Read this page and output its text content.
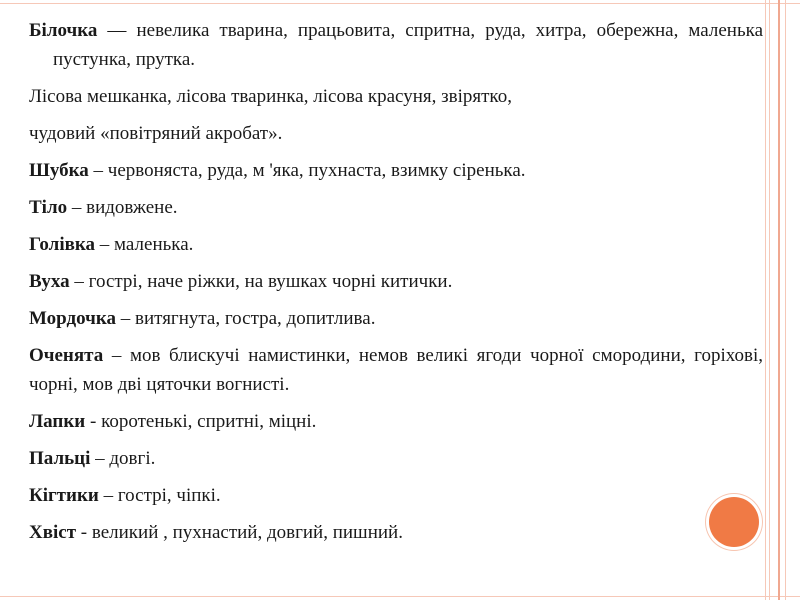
Білочка — невелика тварина, працьовита, спритна, руда, хитра, обережна, маленька пустунка, прутка.

Лісова мешканка, лісова тваринка, лісова красуня, звірятко,

чудовий «повітряний акробат».

Шубка – червоняста, руда, м 'яка, пухнаста, взимку сіренька.

Тіло – видовжене.

Голівка – маленька.

Вуха – гострі, наче ріжки, на вушках чорні китички.

Мордочка – витягнута, гостра, допитлива.

Оченята – мов блискучі намистинки, немов великі ягоди чорної смородини, горіхові, чорні, мов дві цяточки вогнисті.

Лапки - коротенькі, спритні, міцні.

Пальці – довгі.

Кігтики – гострі, чіпкі.

Хвіст - великий , пухнастий, довгий, пишний.
